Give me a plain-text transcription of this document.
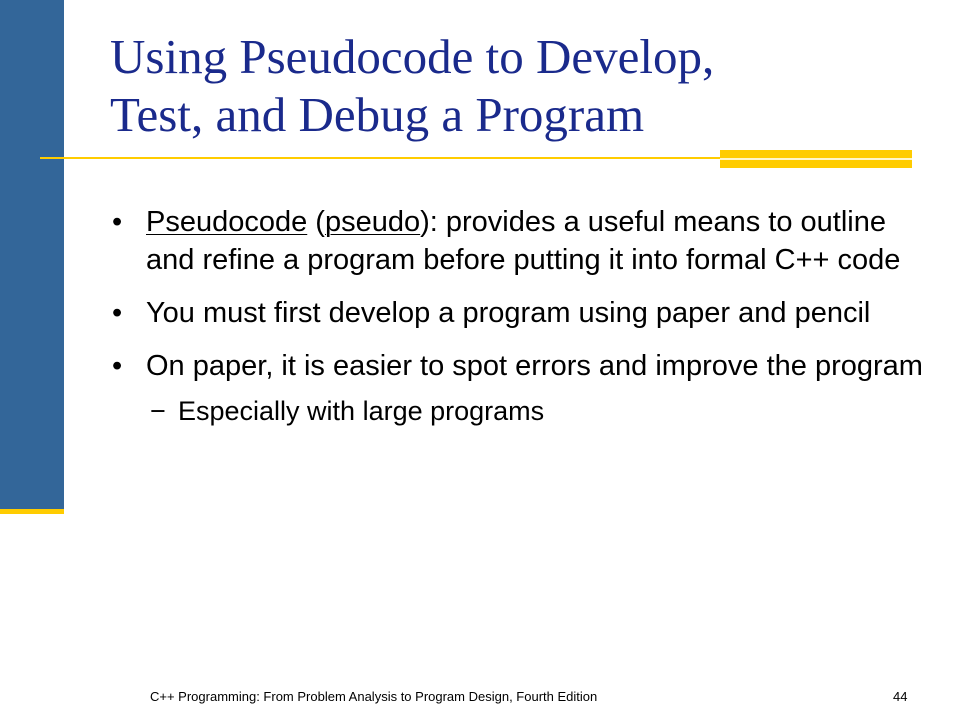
Using Pseudocode to Develop,
Test, and Debug a Program
• Pseudocode (pseudo): provides a useful means to outline and refine a program before putting it into formal C++ code
• You must first develop a program using paper and pencil
• On paper, it is easier to spot errors and improve the program
− Especially with large programs
C++ Programming: From Problem Analysis to Program Design, Fourth Edition	44
